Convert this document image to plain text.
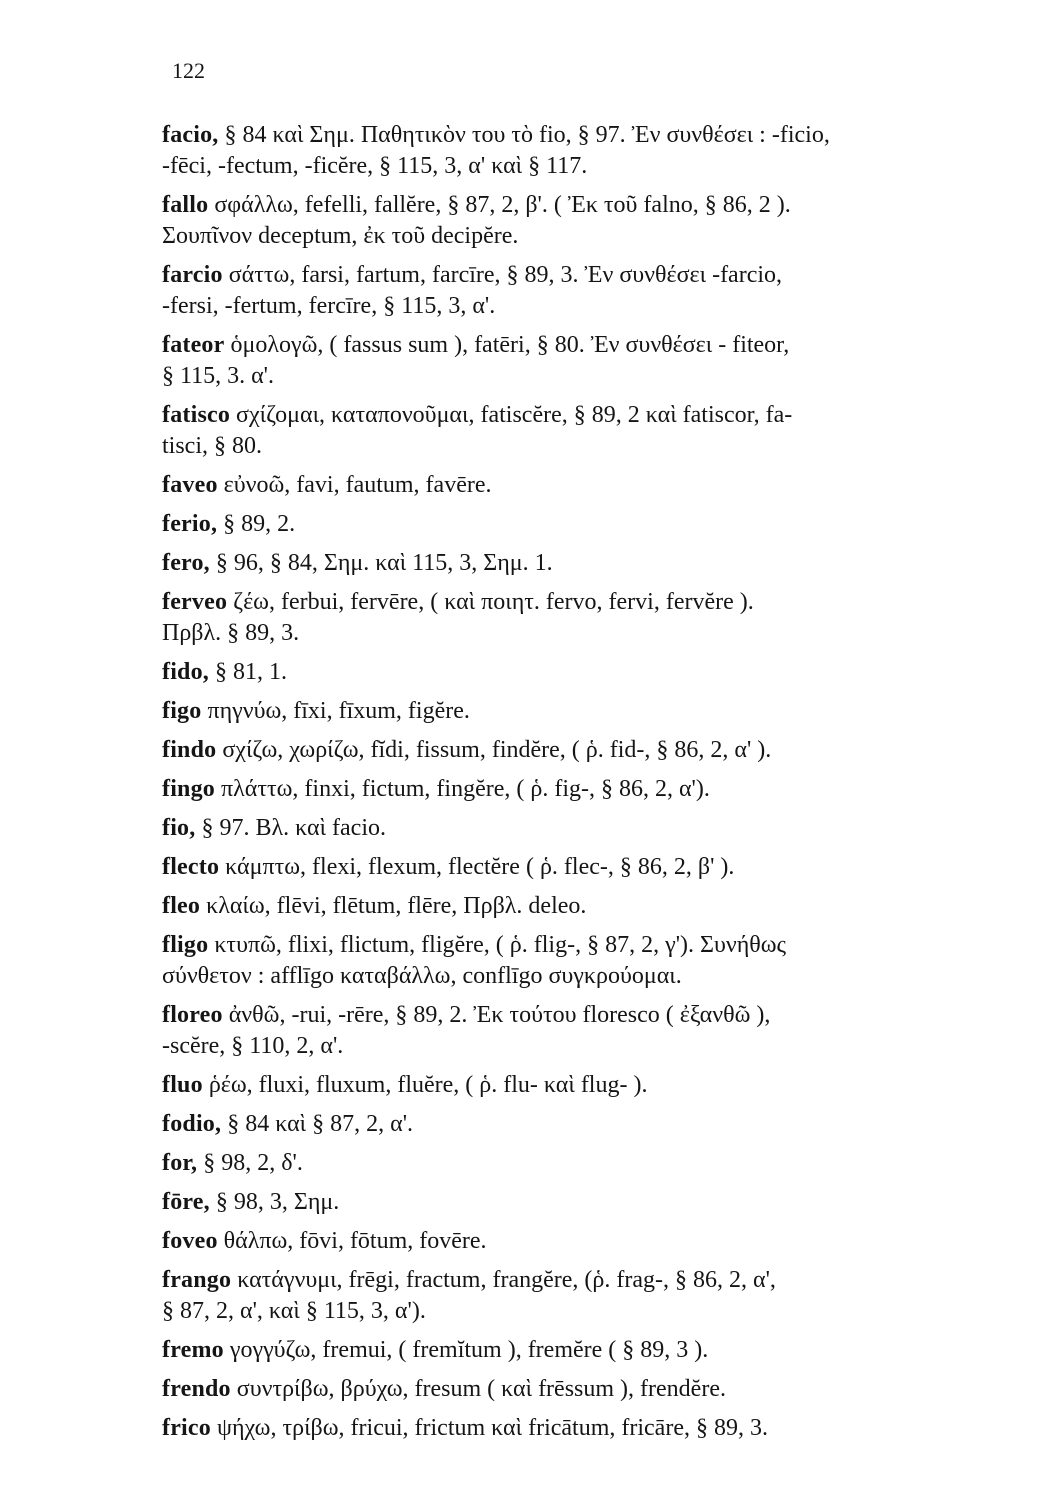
122
facio, § 84 καὶ Σημ. Παθητικὸν του τὸ fio, § 97. Ἐν συνθέσει : -ficio,
-fēci, -fectum, -ficĕre, § 115, 3, α' καὶ § 117.
fallo σφάλλω, fefelli, fallĕre, § 87, 2, β'. ( Ἐκ τοῦ falno, § 86, 2 ).
Σουπῖνον deceptum, ἐκ τοῦ decipĕre.
farcio σάττω, farsi, fartum, farcīre, § 89, 3. Ἐν συνθέσει -farcio,
-fersi, -fertum, fercīre, § 115, 3, α'.
fateor ὁμολογῶ, ( fassus sum ), fatēri, § 80. Ἐν συνθέσει - fiteor,
§ 115, 3. α'.
fatisco σχίζομαι, καταπονοῦμαι, fatiscĕre, § 89, 2 καὶ fatiscor, fa-
tisci, § 80.
faveo εὐνοῶ, favi, fautum, favēre.
ferio, § 89, 2.
fero, § 96, § 84, Σημ. καὶ 115, 3, Σημ. 1.
ferveo ζέω, ferbui, fervēre, ( καὶ ποιητ. fervo, fervi, fervĕre ).
Πρβλ. § 89, 3.
fido, § 81, 1.
figo πηγνύω, fīxi, fīxum, figĕre.
findo σχίζω, χωρίζω, fĭdi, fissum, findĕre, ( ῥ. fid-, § 86, 2, α' ).
fingo πλάττω, finxi, fictum, fingĕre, ( ῥ. fig-, § 86, 2, α').
fio, § 97. Βλ. καὶ facio.
flecto κάμπτω, flexi, flexum, flectĕre ( ῥ. flec-, § 86, 2, β' ).
fleo κλαίω, flēvi, flētum, flēre, Πρβλ. deleo.
fligo κτυπῶ, flixi, flictum, fligĕre, ( ῥ. flig-, § 87, 2, γ'). Συνήθως
σύνθετον : afflīgo καταβάλλω, conflīgo συγκρούομαι.
floreo ἀνθῶ, -rui, -rēre, § 89, 2. Ἐκ τούτου floresco ( ἐξανθῶ ),
-scĕre, § 110, 2, α'.
fluo ῥέω, fluxi, fluxum, fluĕre, ( ῥ. flu- καὶ flug- ).
fodio, § 84 καὶ § 87, 2, α'.
for, § 98, 2, δ'.
fōre, § 98, 3, Σημ.
foveo θάλπω, fōvi, fōtum, fovēre.
frango κατάγνυμι, frēgi, fractum, frangĕre, (ῥ. frag-, § 86, 2, α',
§ 87, 2, α', καὶ § 115, 3, α').
fremo γογγύζω, fremui, ( fremĭtum ), fremĕre ( § 89, 3 ).
frendo συντρίβω, βρύχω, fresum ( καὶ frēssum ), frendĕre.
frico ψήχω, τρίβω, fricui, frictum καὶ fricātum, fricāre, § 89, 3.
